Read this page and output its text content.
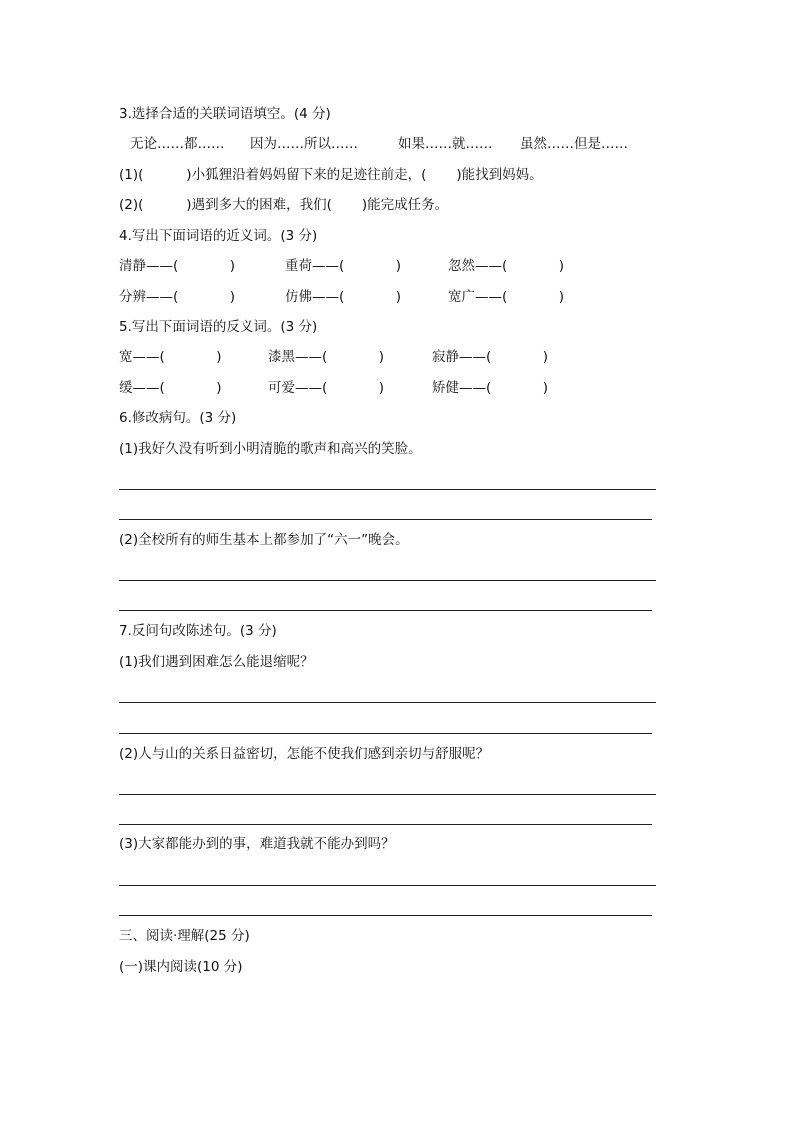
3.选择合适的关联词语填空。(4 分)
无论……都…… 因为……所以……	如果……就…… 虽然……但是……
(1)(          )小狐狸沿着妈妈留下来的足迹往前走，(       )能找到妈妈。
(2)(          )遇到多大的困难，我们(       )能完成任务。
4.写出下面词语的近义词。(3 分)
清静——(            )	重荷——(            )	忽然——(            )
分辨——(            )	仿佛——(            )	宽广——(            )
5.写出下面词语的反义词。(3 分)
宽——(            )	漆黑——(            )	寂静——(            )
缓——(            )	可爱——(            )	矫健——(            )
6.修改病句。(3 分)
(1)我好久没有听到小明清脆的歌声和高兴的笑脸。
(2)全校所有的师生基本上都参加了“六一”晚会。
7.反问句改陈述句。(3 分)
(1)我们遇到困难怎么能退缩呢？
(2)人与山的关系日益密切，怎能不使我们感到亲切与舒服呢？
(3)大家都能办到的事，难道我就不能办到吗？
三、阅读·理解(25 分)
(一)课内阅读(10 分)
